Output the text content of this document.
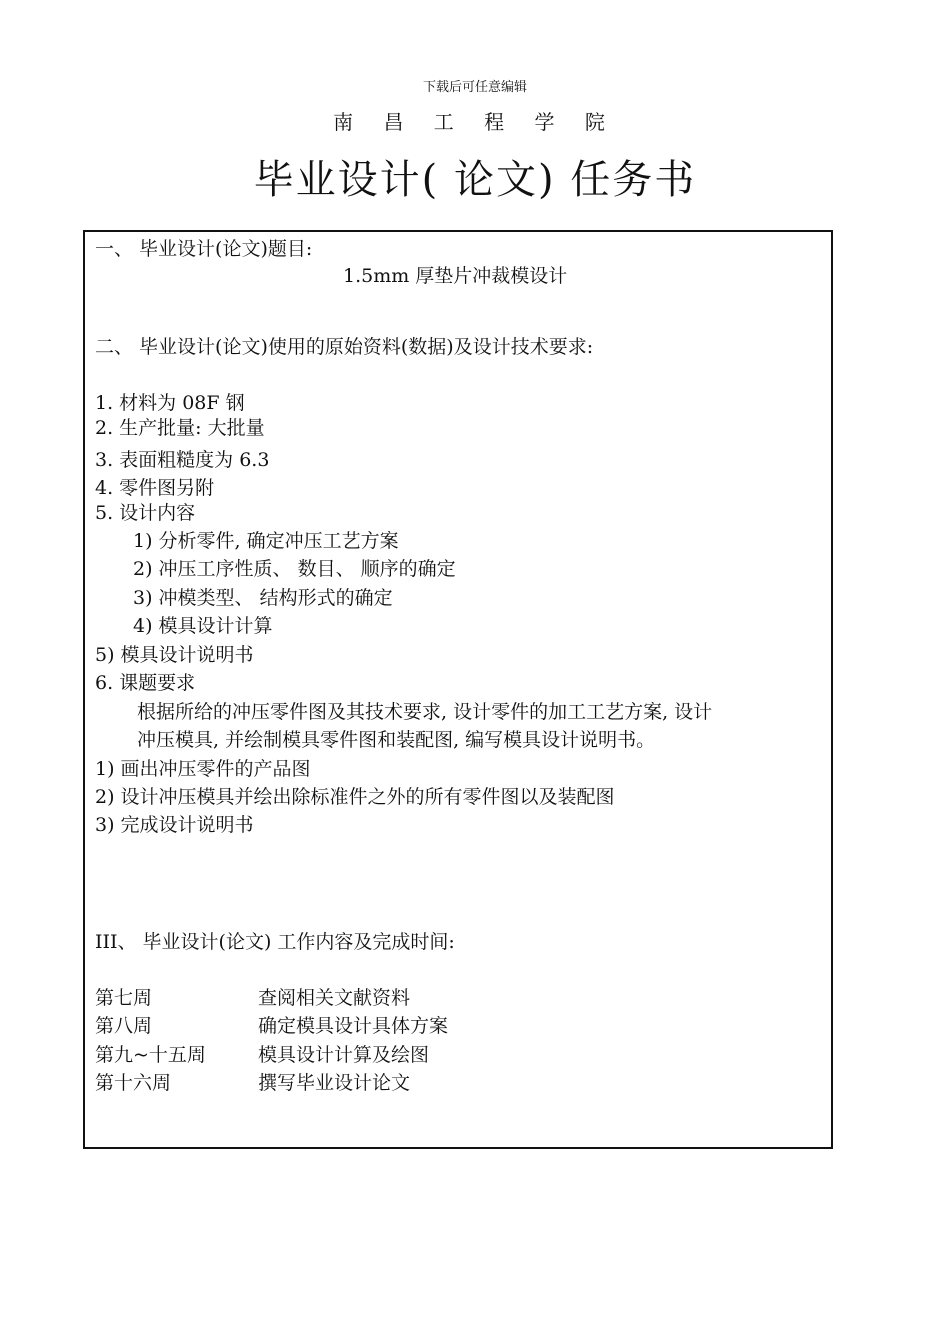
下载后可任意编辑
南 昌 工 程 学 院
毕业设计( 论文) 任务书
一、 毕业设计(论文)题目:
1.5mm 厚垫片冲裁模设计
二、 毕业设计(论文)使用的原始资料(数据)及设计技术要求:
1. 材料为 08F 钢
2. 生产批量: 大批量
3. 表面粗糙度为 6.3
4. 零件图另附
5. 设计内容
1) 分析零件, 确定冲压工艺方案
2) 冲压工序性质、 数目、 顺序的确定
3) 冲模类型、 结构形式的确定
4) 模具设计计算
5) 模具设计说明书
6. 课题要求
根据所给的冲压零件图及其技术要求, 设计零件的加工工艺方案, 设计
冲压模具, 并绘制模具零件图和装配图, 编写模具设计说明书。
1) 画出冲压零件的产品图
2) 设计冲压模具并绘出除标准件之外的所有零件图以及装配图
3) 完成设计说明书
III、 毕业设计(论文) 工作内容及完成时间:
第七周	查阅相关文献资料
第八周	确定模具设计具体方案
第九~十五周	模具设计计算及绘图
第十六周	撰写毕业设计论文
